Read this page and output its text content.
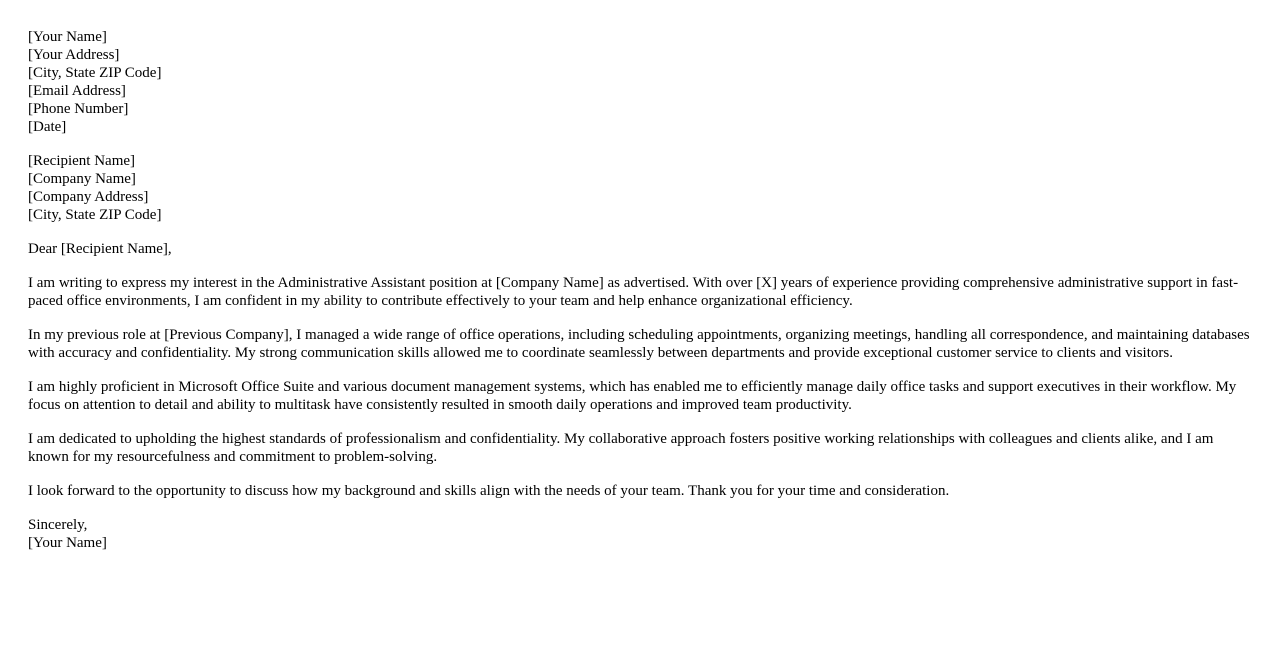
[Your Name]
[Your Address]
[City, State ZIP Code]
[Email Address]
[Phone Number]
[Date]
[Recipient Name]
[Company Name]
[Company Address]
[City, State ZIP Code]

Dear [Recipient Name],

I am writing to express my interest in the Administrative Assistant position at [Company Name] as advertised. With over [X] years of experience providing comprehensive administrative support in fast-paced office environments, I am confident in my ability to contribute effectively to your team and help enhance organizational efficiency.

In my previous role at [Previous Company], I managed a wide range of office operations, including scheduling appointments, organizing meetings, handling all correspondence, and maintaining databases with accuracy and confidentiality. My strong communication skills allowed me to coordinate seamlessly between departments and provide exceptional customer service to clients and visitors.

I am highly proficient in Microsoft Office Suite and various document management systems, which has enabled me to efficiently manage daily office tasks and support executives in their workflow. My focus on attention to detail and ability to multitask have consistently resulted in smooth daily operations and improved team productivity.

I am dedicated to upholding the highest standards of professionalism and confidentiality. My collaborative approach fosters positive working relationships with colleagues and clients alike, and I am known for my resourcefulness and commitment to problem-solving.

I look forward to the opportunity to discuss how my background and skills align with the needs of your team. Thank you for your time and consideration.

Sincerely,
[Your Name]
